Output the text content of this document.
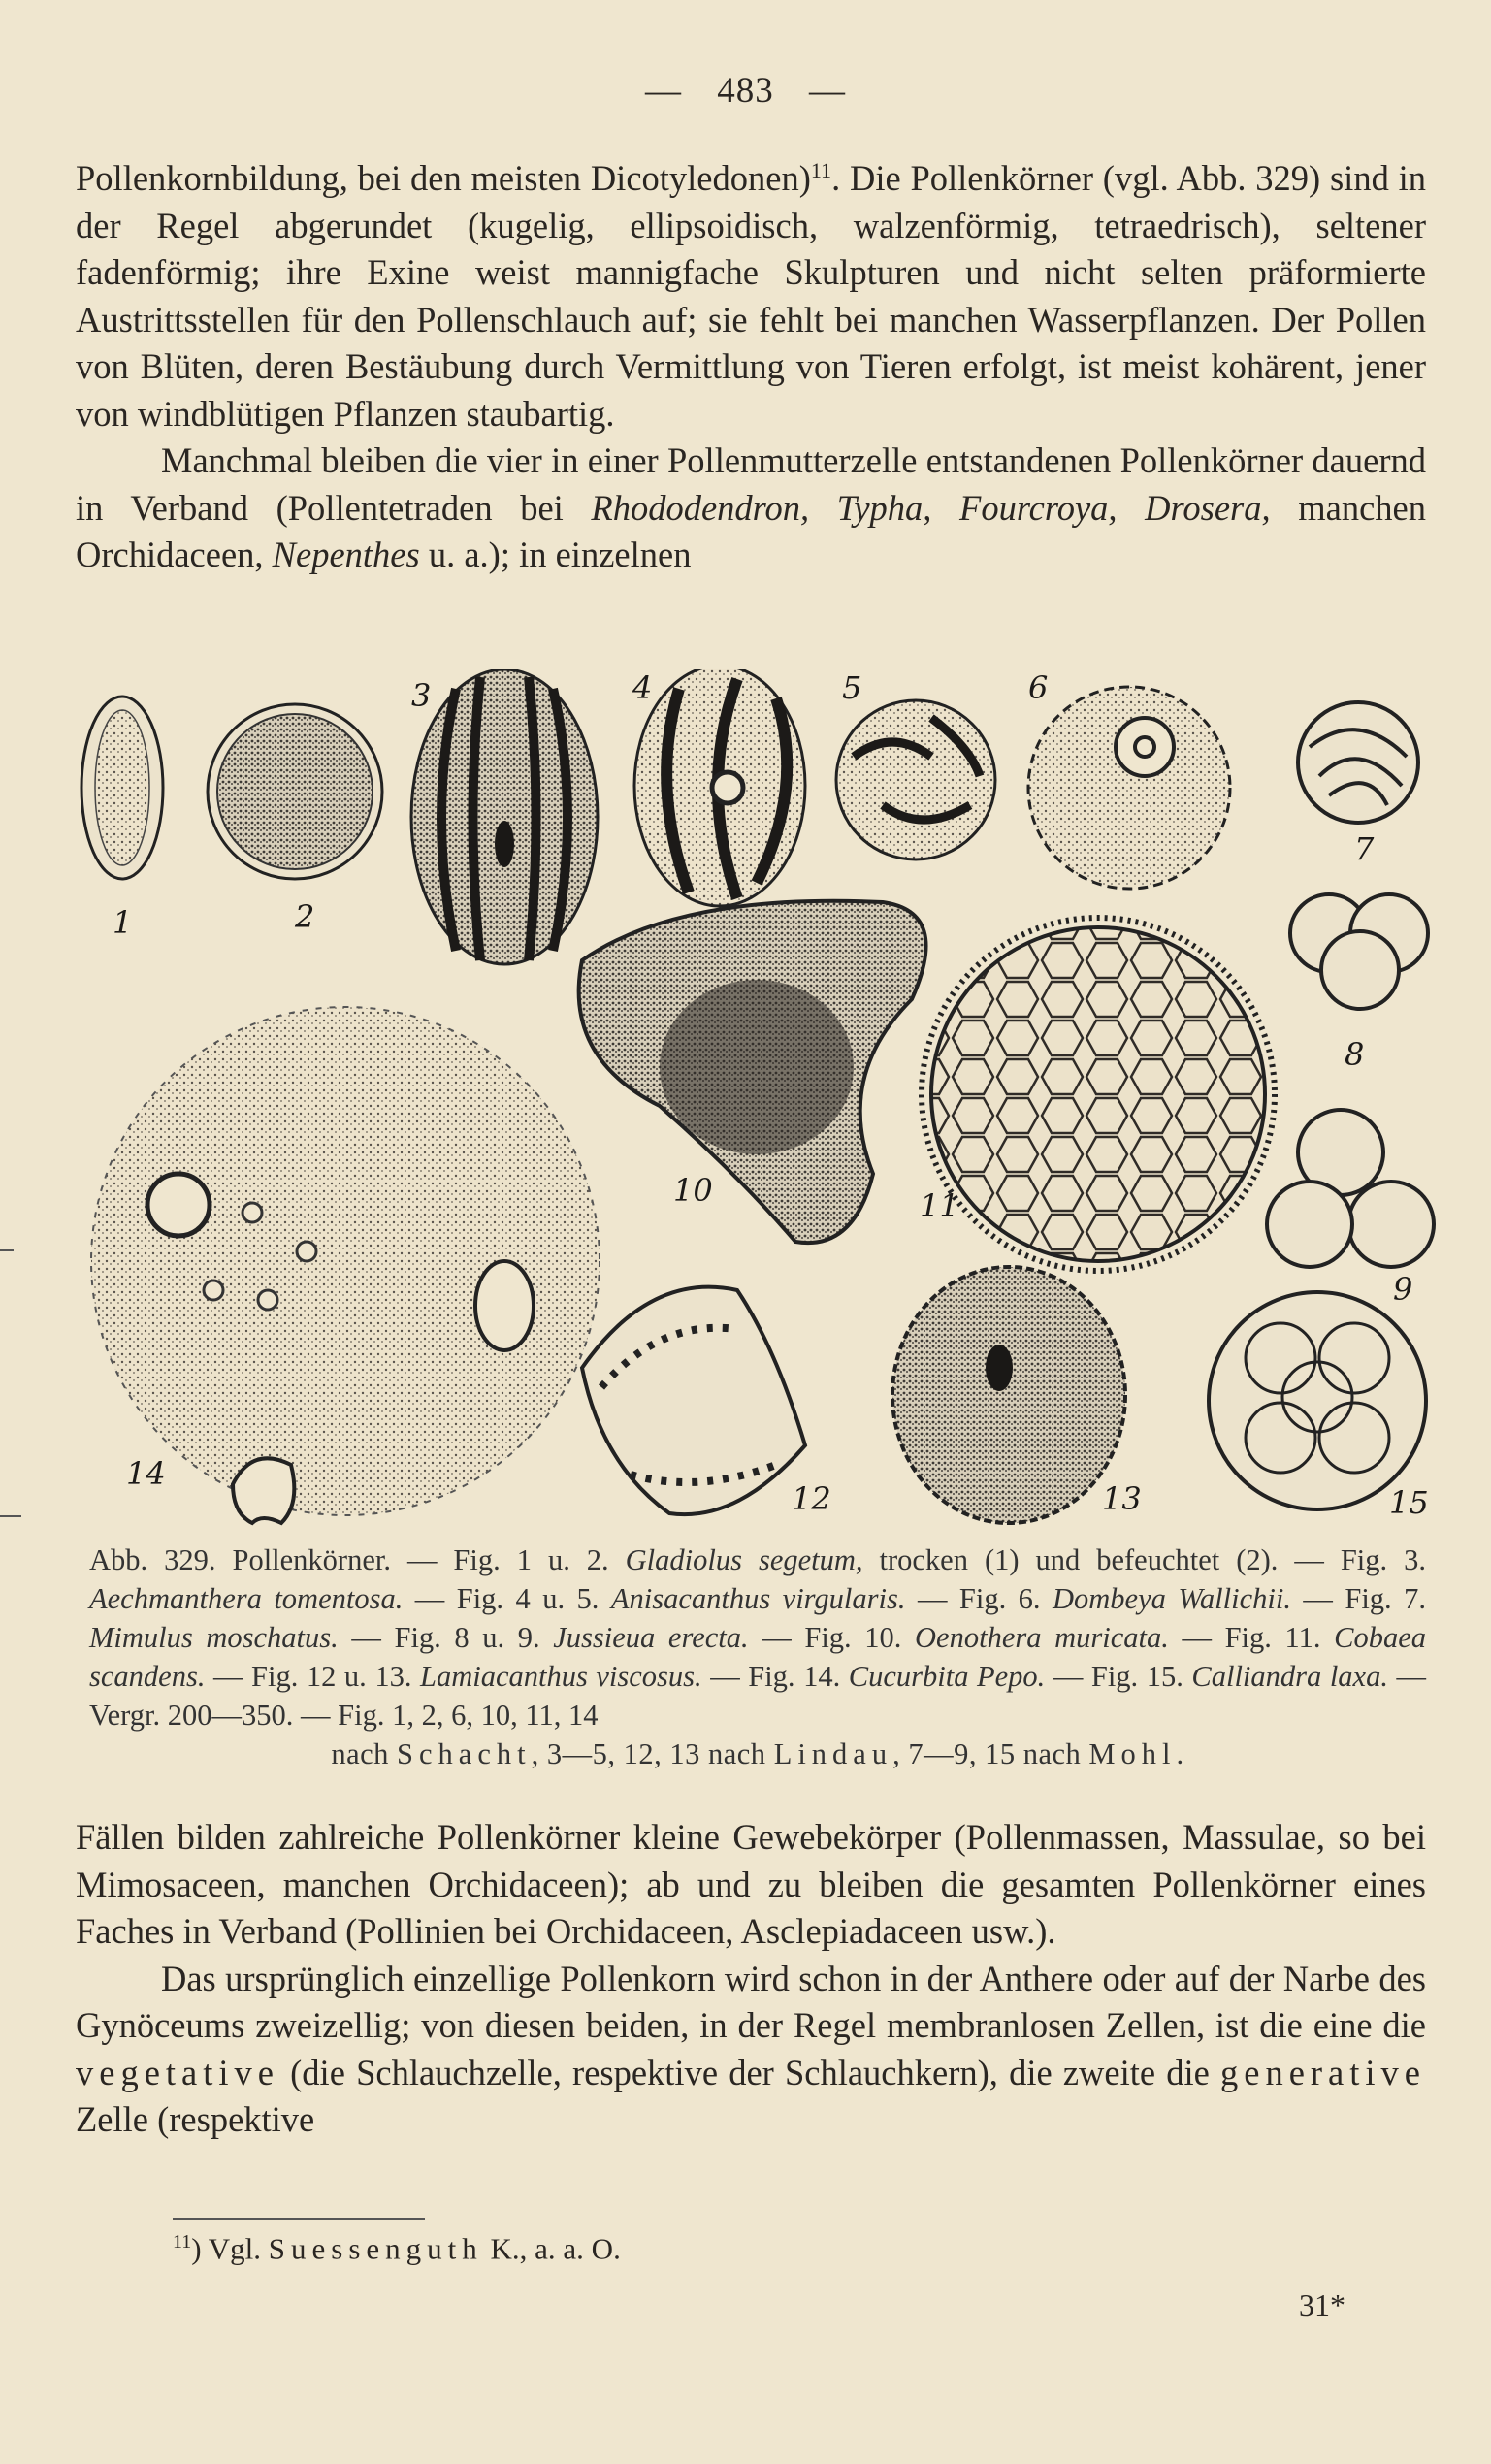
— 483 —

Pollenkornbildung, bei den meisten Dicotyledonen)$^{11}$. Die Pollenkörner (vgl. Abb. 329) sind in der Regel abgerundet (kugelig, ellipsoidisch, walzenförmig, tetraedrisch), seltener fadenförmig; ihre Exine weist mannigfache Skulpturen und nicht selten präformierte Austrittsstellen für den Pollenschlauch auf; sie fehlt bei manchen Wasserpflanzen. Der Pollen von Blüten, deren Bestäubung durch Vermittlung von Tieren erfolgt, ist meist kohärent, jener von windblütigen Pflanzen staubartig.

Manchmal bleiben die vier in einer Pollenmutterzelle entstandenen Pollenkörner dauernd in Verband (Pollentetraden bei Rhododendron, Typha, Fourcroya, Drosera, manchen Orchidaceen, Nepenthes u. a.); in einzelnen

1	2
3	4	5	6
7
8
9
10	11
12	13
14
15
Abb. 329. Pollenkörner. — Fig. 1 u. 2. Gladiolus segetum, trocken (1) und befeuchtet (2). — Fig. 3. Aechmanthera tomentosa. — Fig. 4 u. 5. Anisacanthus virgularis. — Fig. 6. Dombeya Wallichii. — Fig. 7. Mimulus moschatus. — Fig. 8 u. 9. Jussieua erecta. — Fig. 10. Oenothera muricata. — Fig. 11. Cobaea scandens. — Fig. 12 u. 13. Lamiacanthus viscosus. — Fig. 14. Cucurbita Pepo. — Fig. 15. Calliandra laxa. — Vergr. 200—350. — Fig. 1, 2, 6, 10, 11, 14
nach Schacht, 3—5, 12, 13 nach Lindau, 7—9, 15 nach Mohl.

Fällen bilden zahlreiche Pollenkörner kleine Gewebekörper (Pollenmassen, Massulae, so bei Mimosaceen, manchen Orchidaceen); ab und zu bleiben die gesamten Pollenkörner eines Faches in Verband (Pollinien bei Orchidaceen, Asclepiadaceen usw.).

Das ursprünglich einzellige Pollenkorn wird schon in der Anthere oder auf der Narbe des Gynöceums zweizellig; von diesen beiden, in der Regel membranlosen Zellen, ist die eine die vegetative (die Schlauchzelle, respektive der Schlauchkern), die zweite die generative Zelle (respektive

$^{11}$) Vgl. Suessenguth K., a. a. O.
31*
